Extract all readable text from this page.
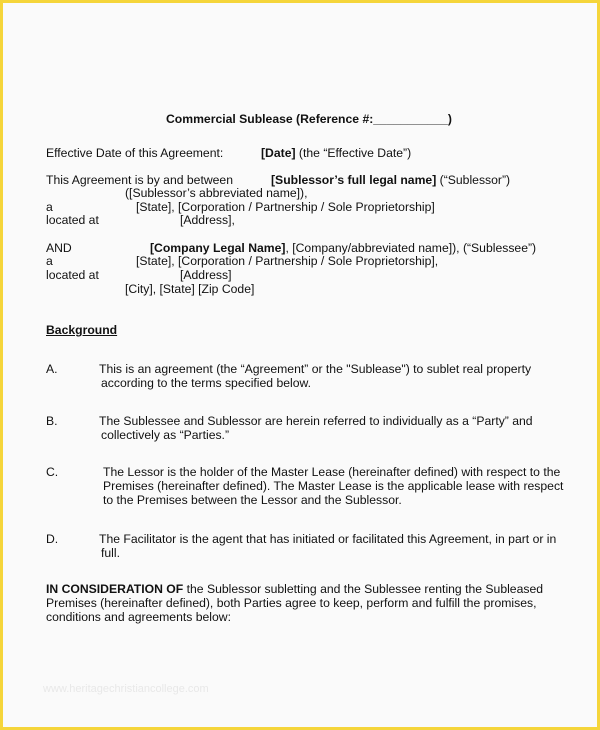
Commercial Sublease (Reference #:___________)
Effective Date of this Agreement:	[Date] (the “Effective Date”)
This Agreement is by and between	[Sublessor’s full legal name] (“Sublessor”)
([Sublessor’s abbreviated name]),
a	[State], [Corporation / Partnership / Sole Proprietorship]
located at	[Address],
AND	[Company Legal Name], [Company/abbreviated name]), (“Sublessee”)
a	[State], [Corporation / Partnership / Sole Proprietorship],
located at	[Address]
[City], [State] [Zip Code]
Background
A.	This is an agreement (the “Agreement” or the "Sublease") to sublet real property
according to the terms specified below.
B.	The Sublessee and Sublessor are herein referred to individually as a “Party” and
collectively as “Parties.”
C.	The Lessor is the holder of the Master Lease (hereinafter defined) with respect to the
Premises (hereinafter defined). The Master Lease is the applicable lease with respect
to the Premises between the Lessor and the Sublessor.
D.	The Facilitator is the agent that has initiated or facilitated this Agreement, in part or in
full.
IN CONSIDERATION OF the Sublessor subletting and the Sublessee renting the Subleased
Premises (hereinafter defined), both Parties agree to keep, perform and fulfill the promises,
conditions and agreements below:
www.heritagechristiancollege.com
